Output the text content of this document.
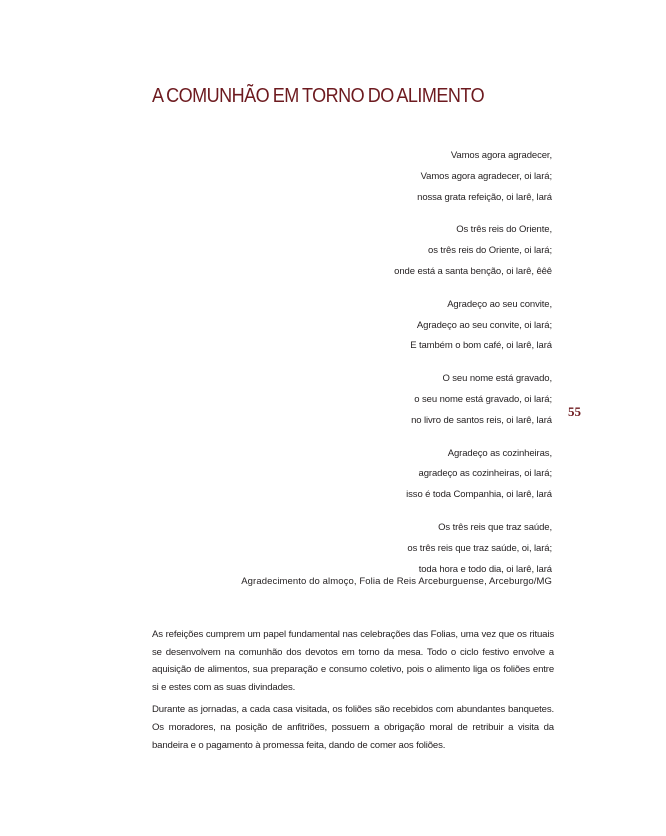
A COMUNHÃO EM TORNO DO ALIMENTO
Vamos agora agradecer,
Vamos agora agradecer, oi lará;
nossa grata refeição, oi larê, lará
Os três reis do Oriente,
os três reis do Oriente, oi lará;
onde está a santa benção, oi larê, êêê
Agradeço ao seu convite,
Agradeço ao seu convite, oi lará;
E também o bom café, oi larê, lará
O seu nome está gravado,
o seu nome está gravado, oi lará;
no livro de santos reis, oi larê, lará
Agradeço as cozinheiras,
agradeço as cozinheiras, oi lará;
isso é toda Companhia, oi larê, lará
Os três reis que traz saúde,
os três reis que traz saúde, oi, lará;
toda hora e todo dia, oi larê, lará
Agradecimento do almoço, Folia de Reis Arceburguense, Arceburgo/MG
55

As refeições cumprem um papel fundamental nas celebrações das Folias, uma vez que os rituais se desenvolvem na comunhão dos devotos em torno da mesa. Todo o ciclo festivo envolve a aquisição de alimentos, sua preparação e consumo coletivo, pois o alimento liga os foliões entre si e estes com as suas divindades.

Durante as jornadas, a cada casa visitada, os foliões são recebidos com abundantes banquetes. Os moradores, na posição de anfitriões, possuem a obrigação moral de retribuir a visita da bandeira e o pagamento à promessa feita, dando de comer aos foliões.
